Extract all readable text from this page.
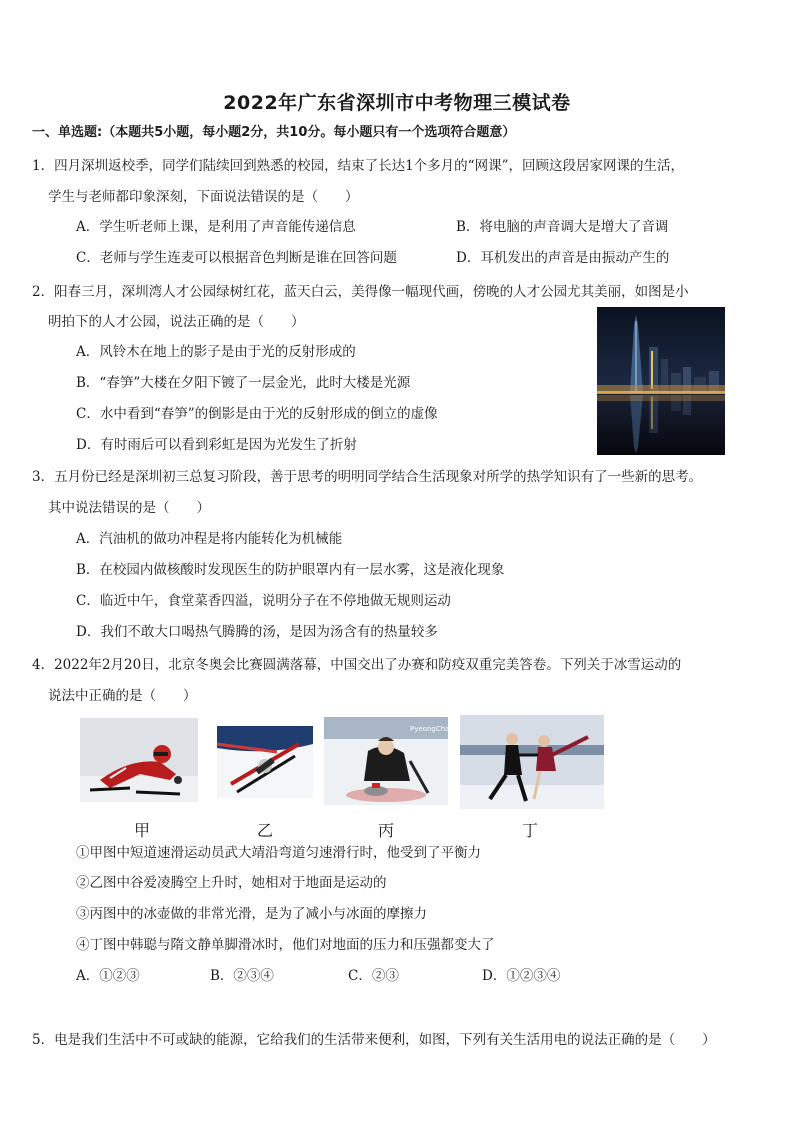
2022年广东省深圳市中考物理三模试卷
一、单选题:（本题共5小题，每小题2分，共10分。每小题只有一个选项符合题意）
1．四月深圳返校季，同学们陆续回到熟悉的校园，结束了长达1个多月的“网课”，回顾这段居家网课的生活，
学生与老师都印象深刻，下面说法错误的是（　　）
A．学生听老师上课，是利用了声音能传递信息	B．将电脑的声音调大是增大了音调
C．老师与学生连麦可以根据音色判断是谁在回答问题	D．耳机发出的声音是由振动产生的
2．阳春三月，深圳湾人才公园绿树红花，蓝天白云，美得像一幅现代画，傍晚的人才公园尤其美丽，如图是小
明拍下的人才公园，说法正确的是（　　）
A．风铃木在地上的影子是由于光的反射形成的
B．“春笋”大楼在夕阳下镀了一层金光，此时大楼是光源
C．水中看到“春笋”的倒影是由于光的反射形成的倒立的虚像
D．有时雨后可以看到彩虹是因为光发生了折射
3．五月份已经是深圳初三总复习阶段，善于思考的明明同学结合生活现象对所学的热学知识有了一些新的思考。
其中说法错误的是（　　）
A．汽油机的做功冲程是将内能转化为机械能
B．在校园内做核酸时发现医生的防护眼罩内有一层水雾，这是液化现象
C．临近中午，食堂菜香四溢，说明分子在不停地做无规则运动
D．我们不敢大口喝热气腾腾的汤，是因为汤含有的热量较多
4．2022年2月20日，北京冬奥会比赛圆满落幕，中国交出了办赛和防疫双重完美答卷。下列关于冰雪运动的
说法中正确的是（　　）
PyeongChang
甲	乙	丙	丁
①甲图中短道速滑运动员武大靖沿弯道匀速滑行时，他受到了平衡力
②乙图中谷爱凌腾空上升时，她相对于地面是运动的
③丙图中的冰壶做的非常光滑，是为了减小与冰面的摩擦力
④丁图中韩聪与隋文静单脚滑冰时，他们对地面的压力和压强都变大了
A．①②③	B．②③④	C．②③	D．①②③④
5．电是我们生活中不可或缺的能源，它给我们的生活带来便利，如图，下列有关生活用电的说法正确的是（　　）
